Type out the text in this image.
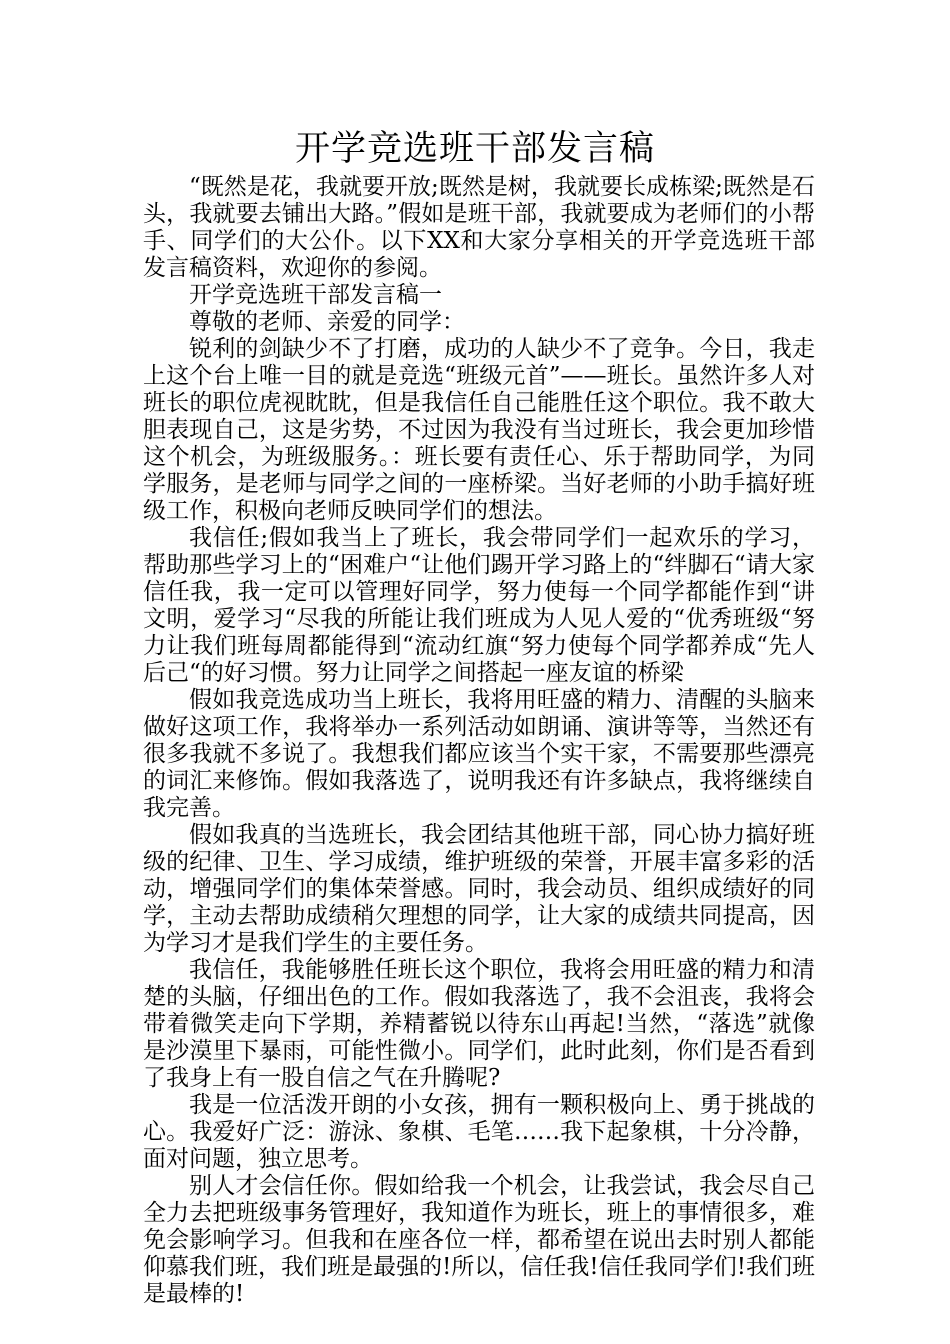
开学竞选班干部发言稿

“既然是花，我就要开放;既然是树，我就要长成栋梁;既然是石头，我就要去铺出大路。”假如是班干部，我就要成为老师们的小帮手、同学们的大公仆。以下XX和大家分享相关的开学竞选班干部发言稿资料，欢迎你的参阅。

开学竞选班干部发言稿一

尊敬的老师、亲爱的同学：

锐利的剑缺少不了打磨，成功的人缺少不了竞争。今日，我走上这个台上唯一目的就是竞选“班级元首”——班长。虽然许多人对班长的职位虎视眈眈，但是我信任自己能胜任这个职位。我不敢大胆表现自己，这是劣势，不过因为我没有当过班长，我会更加珍惜这个机会，为班级服务。：班长要有责任心、乐于帮助同学，为同学服务，是老师与同学之间的一座桥梁。当好老师的小助手搞好班级工作，积极向老师反映同学们的想法。

我信任;假如我当上了班长，我会带同学们一起欢乐的学习，帮助那些学习上的“困难户“让他们踢开学习路上的“绊脚石“请大家信任我，我一定可以管理好同学，努力使每一个同学都能作到“讲文明，爱学习“尽我的所能让我们班成为人见人爱的“优秀班级“努力让我们班每周都能得到“流动红旗“努力使每个同学都养成“先人后己“的好习惯。努力让同学之间搭起一座友谊的桥梁

假如我竞选成功当上班长，我将用旺盛的精力、清醒的头脑来做好这项工作，我将举办一系列活动如朗诵、演讲等等，当然还有很多我就不多说了。我想我们都应该当个实干家，不需要那些漂亮的词汇来修饰。假如我落选了，说明我还有许多缺点，我将继续自我完善。

假如我真的当选班长，我会团结其他班干部，同心协力搞好班级的纪律、卫生、学习成绩，维护班级的荣誉，开展丰富多彩的活动，增强同学们的集体荣誉感。同时，我会动员、组织成绩好的同学，主动去帮助成绩稍欠理想的同学，让大家的成绩共同提高，因为学习才是我们学生的主要任务。

我信任，我能够胜任班长这个职位，我将会用旺盛的精力和清楚的头脑，仔细出色的工作。假如我落选了，我不会沮丧，我将会带着微笑走向下学期，养精蓄锐以待东山再起!当然，“落选”就像是沙漠里下暴雨，可能性微小。同学们，此时此刻，你们是否看到了我身上有一股自信之气在升腾呢?

我是一位活泼开朗的小女孩，拥有一颗积极向上、勇于挑战的心。我爱好广泛：游泳、象棋、毛笔……我下起象棋，十分冷静，面对问题，独立思考。

别人才会信任你。假如给我一个机会，让我尝试，我会尽自己全力去把班级事务管理好，我知道作为班长，班上的事情很多，难免会影响学习。但我和在座各位一样，都希望在说出去时别人都能仰慕我们班，我们班是最强的!所以，信任我!信任我同学们!我们班是最棒的!
